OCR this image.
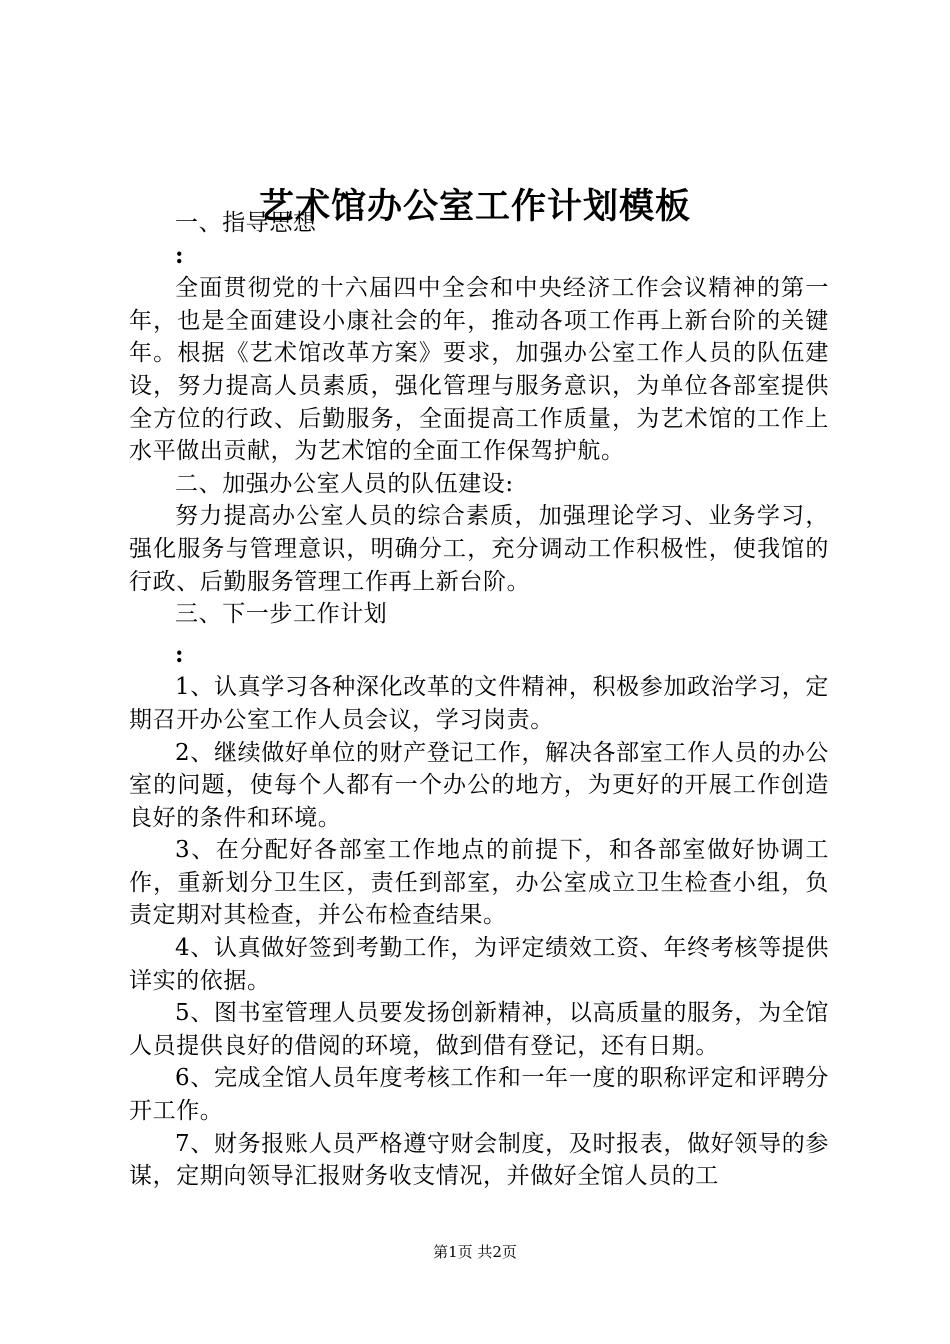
艺术馆办公室工作计划模板

一、指导思想

:

全面贯彻党的十六届四中全会和中央经济工作会议精神的第一年，也是全面建设小康社会的年，推动各项工作再上新台阶的关键年。根据《艺术馆改革方案》要求，加强办公室工作人员的队伍建设，努力提高人员素质，强化管理与服务意识，为单位各部室提供全方位的行政、后勤服务，全面提高工作质量，为艺术馆的工作上水平做出贡献，为艺术馆的全面工作保驾护航。

二、加强办公室人员的队伍建设:

努力提高办公室人员的综合素质，加强理论学习、业务学习，强化服务与管理意识，明确分工，充分调动工作积极性，使我馆的行政、后勤服务管理工作再上新台阶。

三、下一步工作计划

:

1、认真学习各种深化改革的文件精神，积极参加政治学习，定期召开办公室工作人员会议，学习岗责。

2、继续做好单位的财产登记工作，解决各部室工作人员的办公室的问题，使每个人都有一个办公的地方，为更好的开展工作创造良好的条件和环境。

3、在分配好各部室工作地点的前提下，和各部室做好协调工作，重新划分卫生区，责任到部室，办公室成立卫生检查小组，负责定期对其检查，并公布检查结果。

4、认真做好签到考勤工作，为评定绩效工资、年终考核等提供详实的依据。

5、图书室管理人员要发扬创新精神，以高质量的服务，为全馆人员提供良好的借阅的环境，做到借有登记，还有日期。

6、完成全馆人员年度考核工作和一年一度的职称评定和评聘分开工作。

7、财务报账人员严格遵守财会制度，及时报表，做好领导的参谋，定期向领导汇报财务收支情况，并做好全馆人员的工

第1页 共2页
